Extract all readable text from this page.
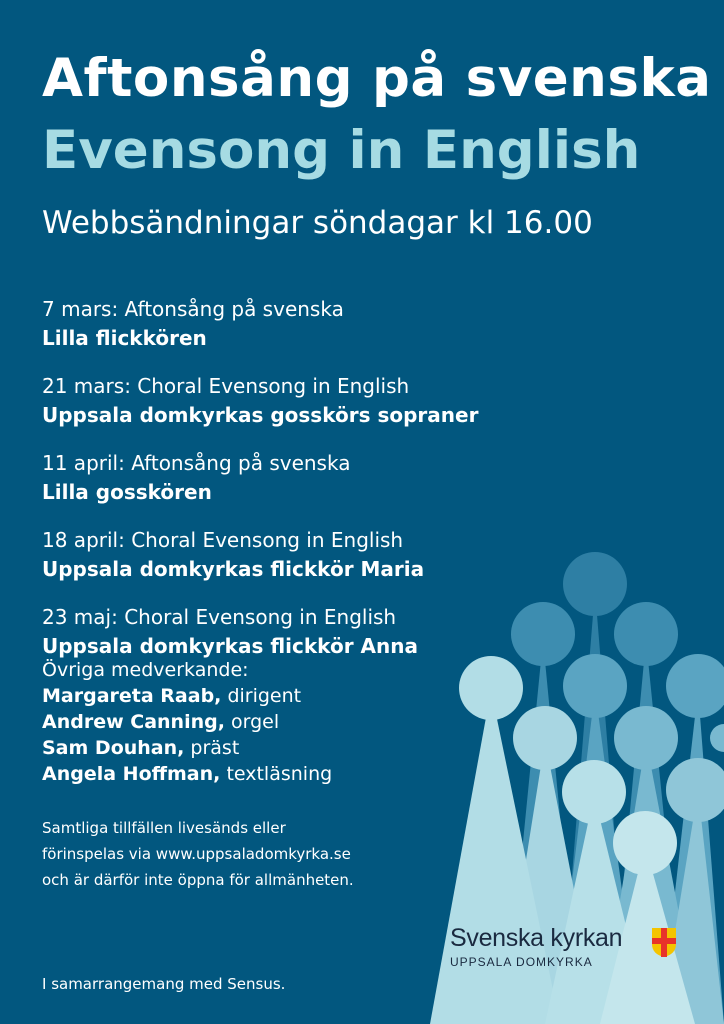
Aftonsång på svenska
Evensong in English
Webbsändningar söndagar kl 16.00
7 mars: Aftonsång på svenska
Lilla flickkören
21 mars: Choral Evensong in English
Uppsala domkyrkas gosskörs sopraner
11 april: Aftonsång på svenska
Lilla gosskören
18 april: Choral Evensong in English
Uppsala domkyrkas flickkör Maria
23 maj: Choral Evensong in English
Uppsala domkyrkas flickkör Anna
Övriga medverkande:
Margareta Raab, dirigent
Andrew Canning, orgel
Sam Douhan, präst
Angela Hoffman, textläsning
Samtliga tillfällen livesänds eller
förinspelas via www.uppsaladomkyrka.se
och är därför inte öppna för allmänheten.
I samarrangemang med Sensus.
Svenska kyrkan
UPPSALA DOMKYRKA
